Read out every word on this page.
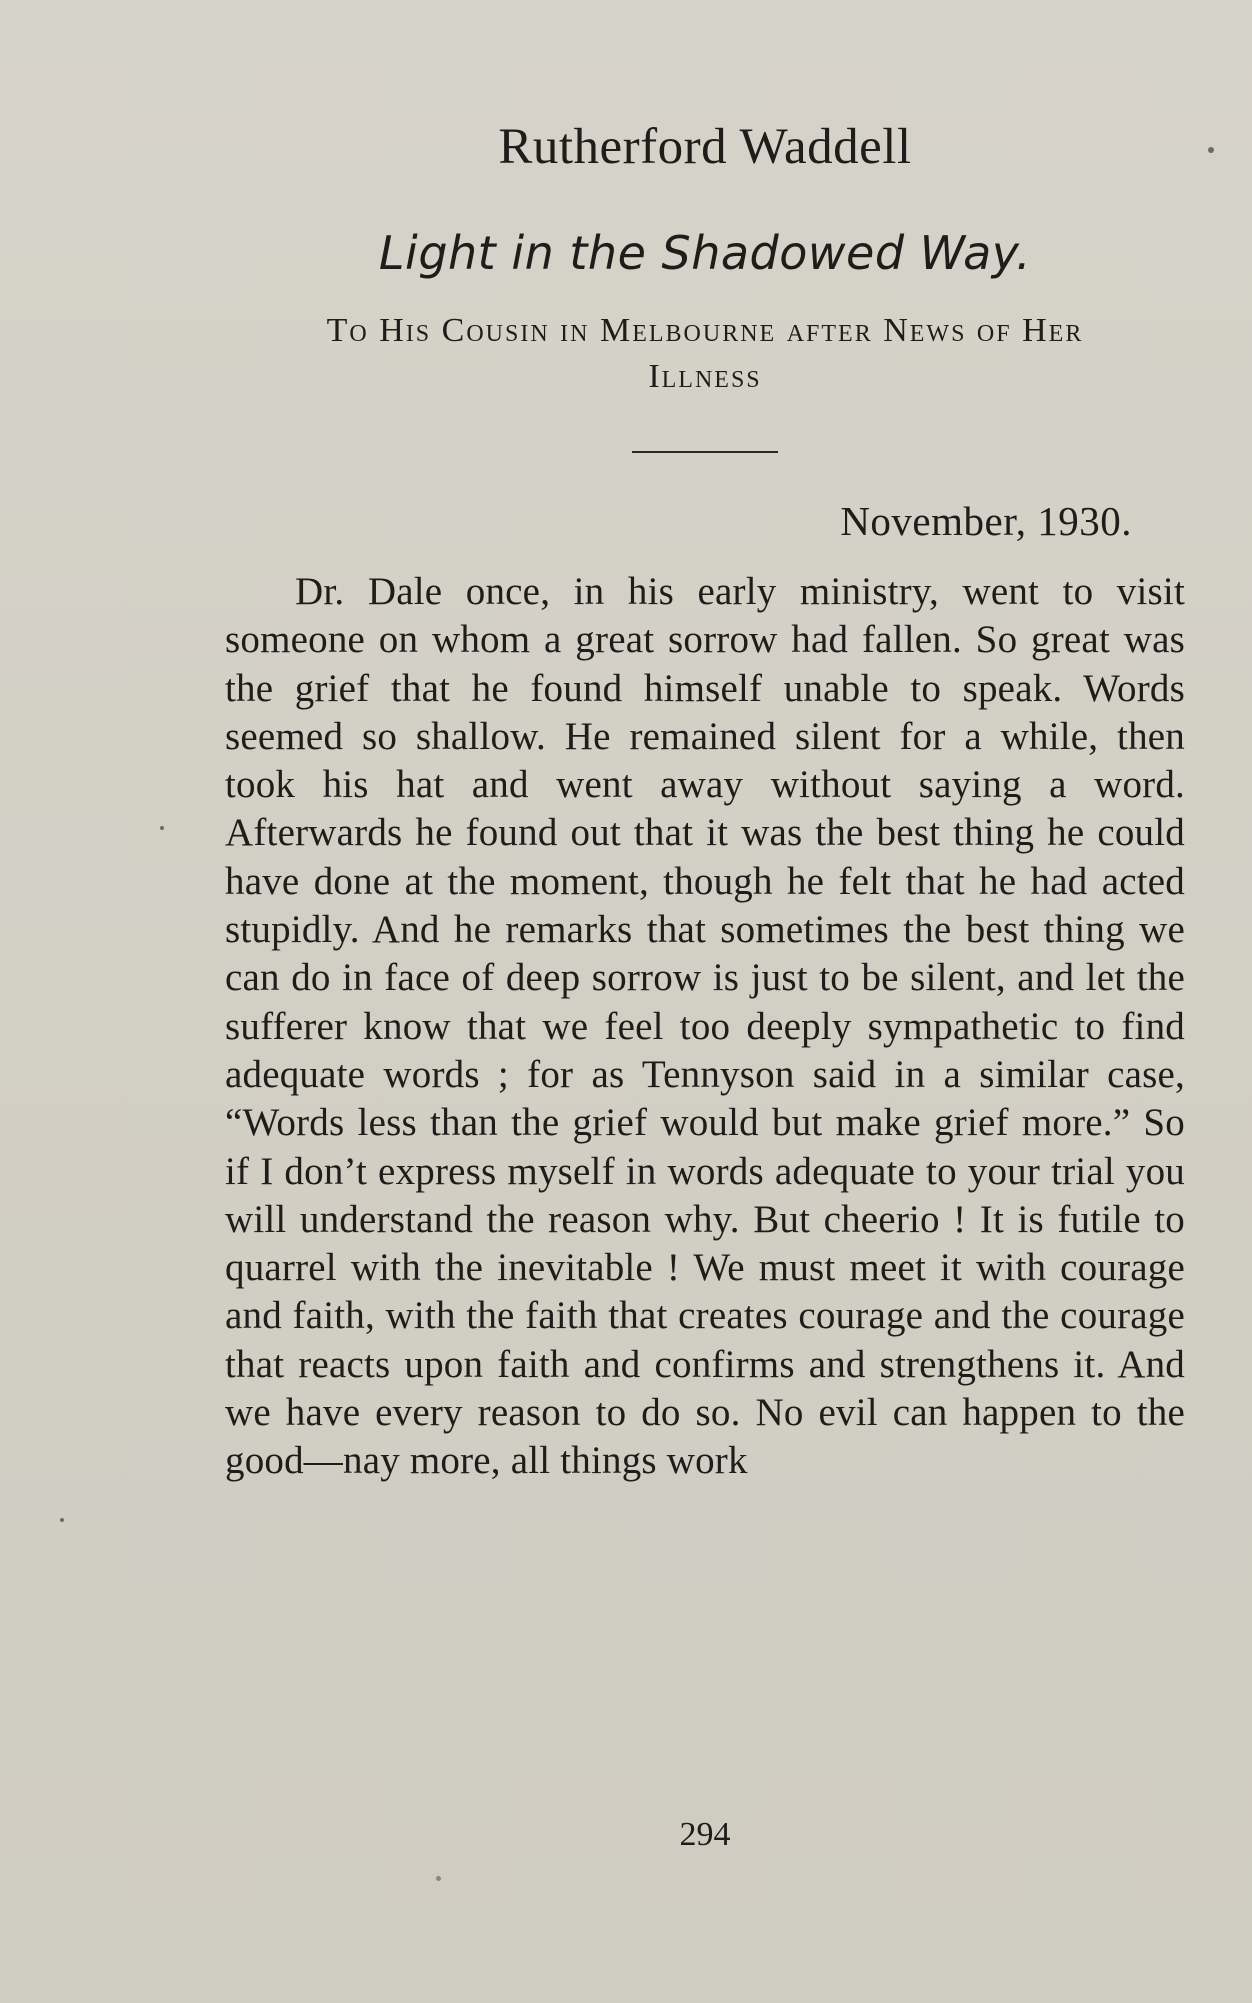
Rutherford Waddell
Light in the Shadowed Way.
To His Cousin in Melbourne after News of Her Illness
November, 1930.
Dr. Dale once, in his early ministry, went to visit someone on whom a great sorrow had fallen. So great was the grief that he found himself unable to speak. Words seemed so shallow. He remained silent for a while, then took his hat and went away without saying a word. Afterwards he found out that it was the best thing he could have done at the moment, though he felt that he had acted stupidly. And he remarks that sometimes the best thing we can do in face of deep sorrow is just to be silent, and let the sufferer know that we feel too deeply sympathetic to find adequate words ; for as Tennyson said in a similar case, “Words less than the grief would but make grief more.” So if I don’t express myself in words adequate to your trial you will understand the reason why. But cheerio ! It is futile to quarrel with the inevitable ! We must meet it with courage and faith, with the faith that creates courage and the courage that reacts upon faith and confirms and strengthens it. And we have every reason to do so. No evil can happen to the good—nay more, all things work
294
